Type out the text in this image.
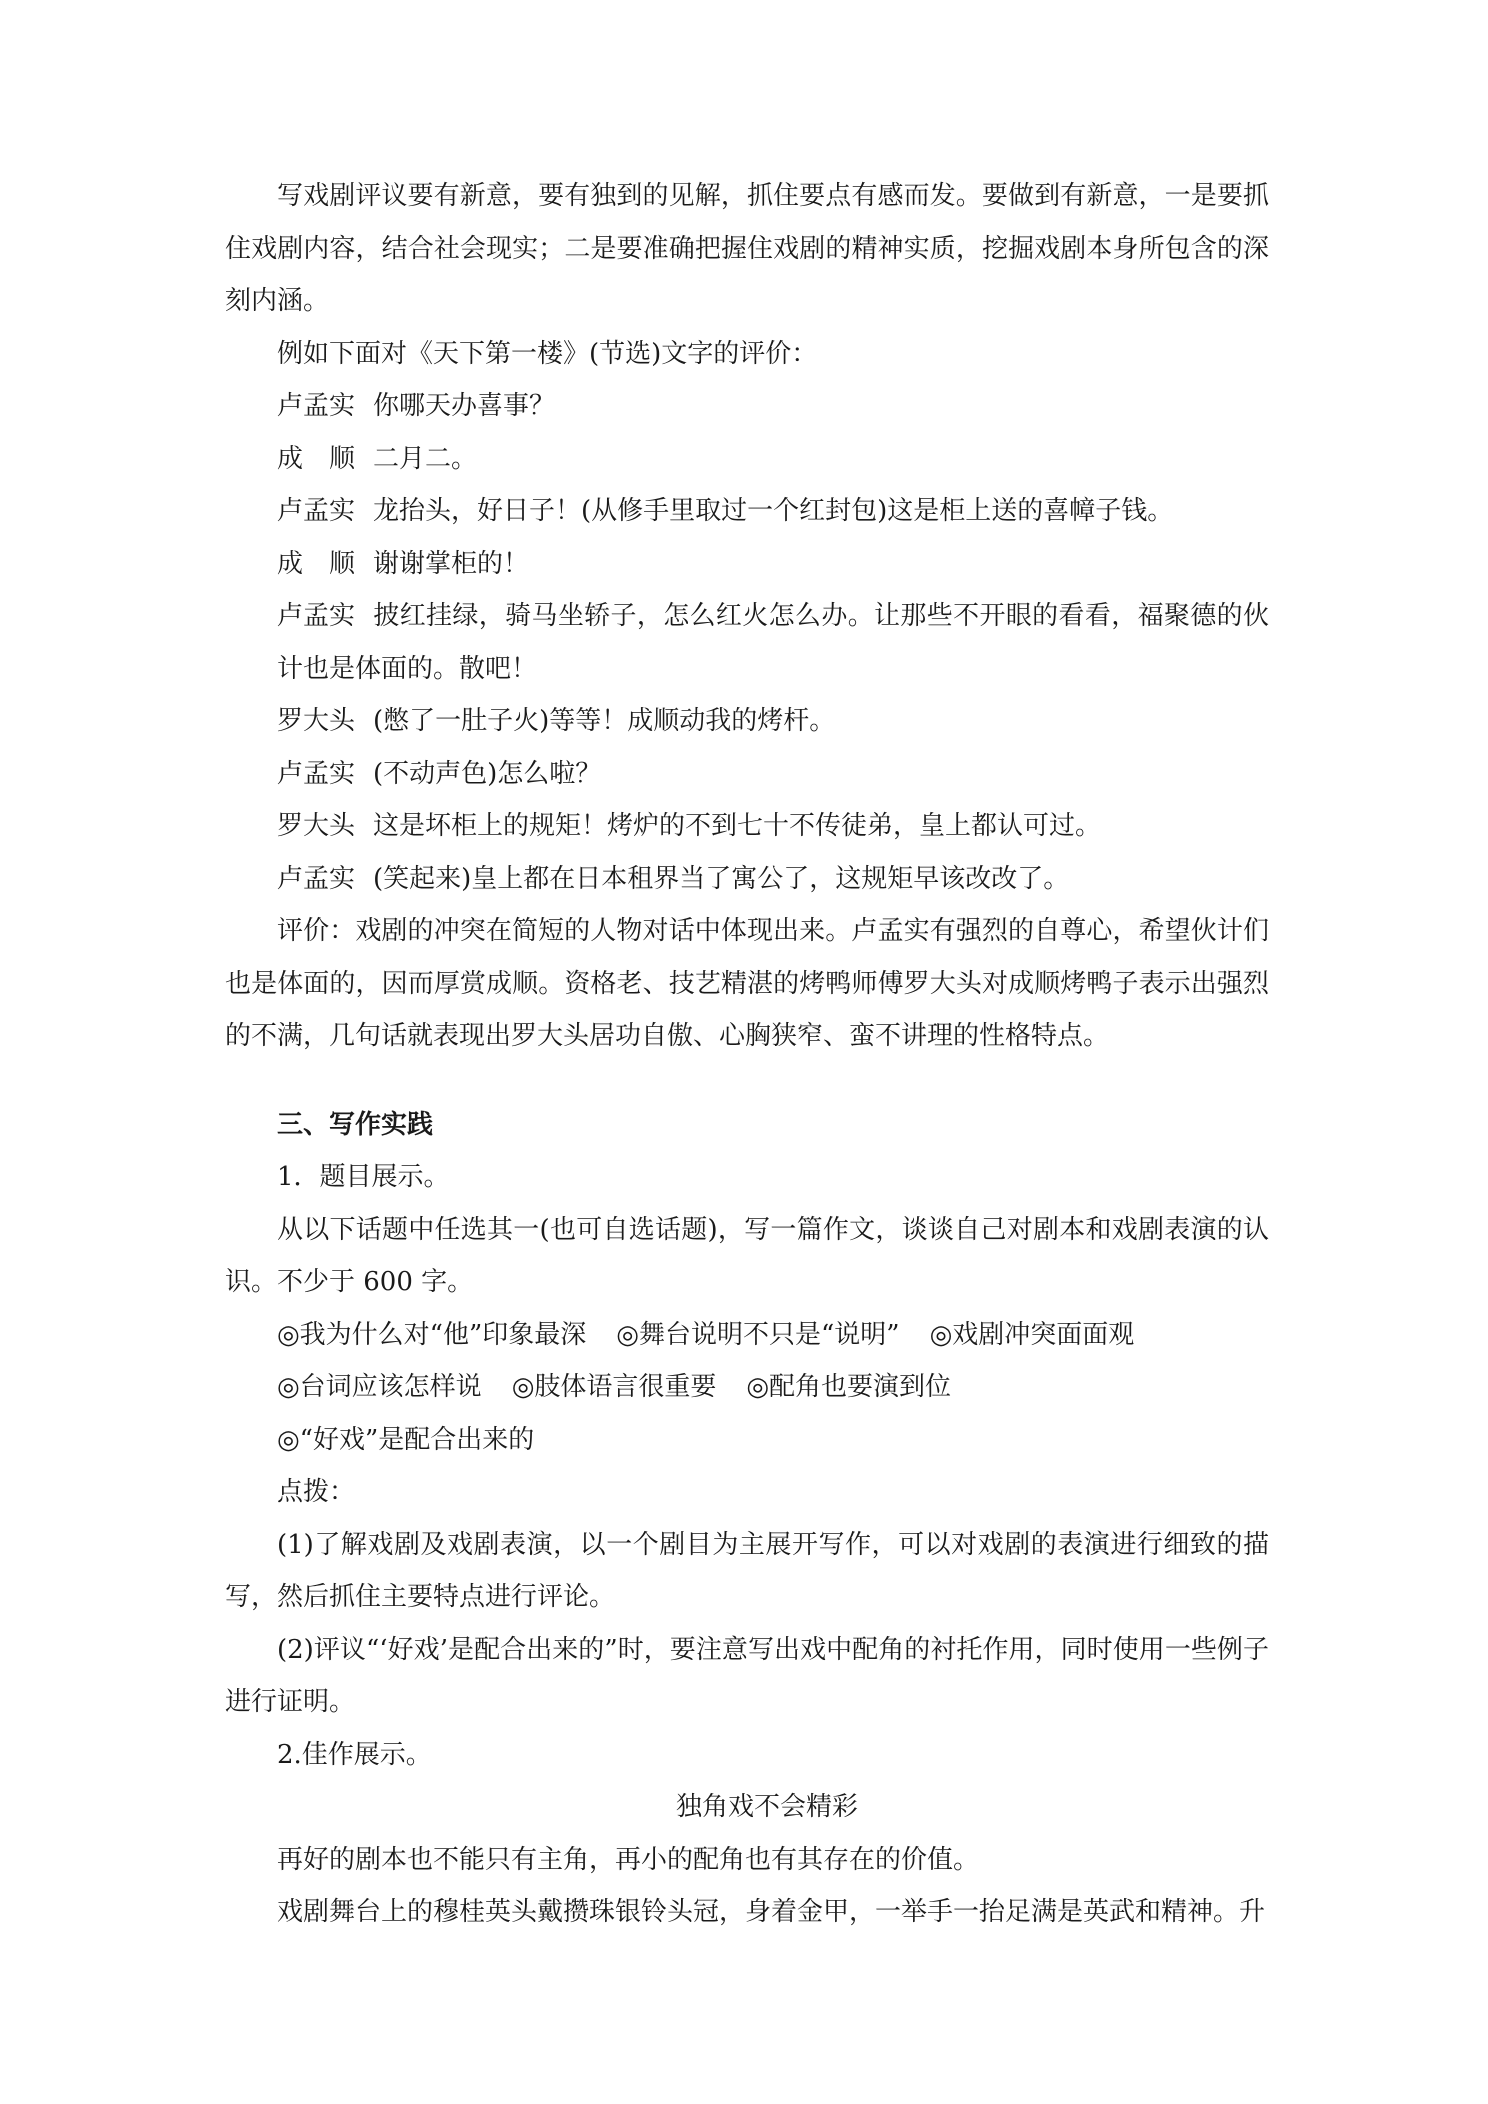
写戏剧评议要有新意，要有独到的见解，抓住要点有感而发。要做到有新意，一是要抓住戏剧内容，结合社会现实；二是要准确把握住戏剧的精神实质，挖掘戏剧本身所包含的深刻内涵。

例如下面对《天下第一楼》(节选)文字的评价：

卢孟实 你哪天办喜事？

成　顺 二月二。

卢孟实 龙抬头，好日子！(从修手里取过一个红封包)这是柜上送的喜幛子钱。

成　顺 谢谢掌柜的！

卢孟实 披红挂绿，骑马坐轿子，怎么红火怎么办。让那些不开眼的看看，福聚德的伙计也是体面的。散吧！

罗大头 (憋了一肚子火)等等！成顺动我的烤杆。

卢孟实 (不动声色)怎么啦？

罗大头 这是坏柜上的规矩！烤炉的不到七十不传徒弟，皇上都认可过。

卢孟实 (笑起来)皇上都在日本租界当了寓公了，这规矩早该改改了。

评价：戏剧的冲突在简短的人物对话中体现出来。卢孟实有强烈的自尊心，希望伙计们也是体面的，因而厚赏成顺。资格老、技艺精湛的烤鸭师傅罗大头对成顺烤鸭子表示出强烈的不满，几句话就表现出罗大头居功自傲、心胸狭窄、蛮不讲理的性格特点。

三、写作实践

1．题目展示。

从以下话题中任选其一(也可自选话题)，写一篇作文，谈谈自己对剧本和戏剧表演的认识。不少于 600 字。

◎我为什么对“他”印象最深 ◎舞台说明不只是“说明” ◎戏剧冲突面面观

◎台词应该怎样说 ◎肢体语言很重要 ◎配角也要演到位

◎“好戏”是配合出来的

点拨：

(1)了解戏剧及戏剧表演，以一个剧目为主展开写作，可以对戏剧的表演进行细致的描写，然后抓住主要特点进行评论。

(2)评议“‘好戏’是配合出来的”时，要注意写出戏中配角的衬托作用，同时使用一些例子进行证明。

2.佳作展示。

独角戏不会精彩

再好的剧本也不能只有主角，再小的配角也有其存在的价值。

戏剧舞台上的穆桂英头戴攒珠银铃头冠，身着金甲，一举手一抬足满是英武和精神。升
